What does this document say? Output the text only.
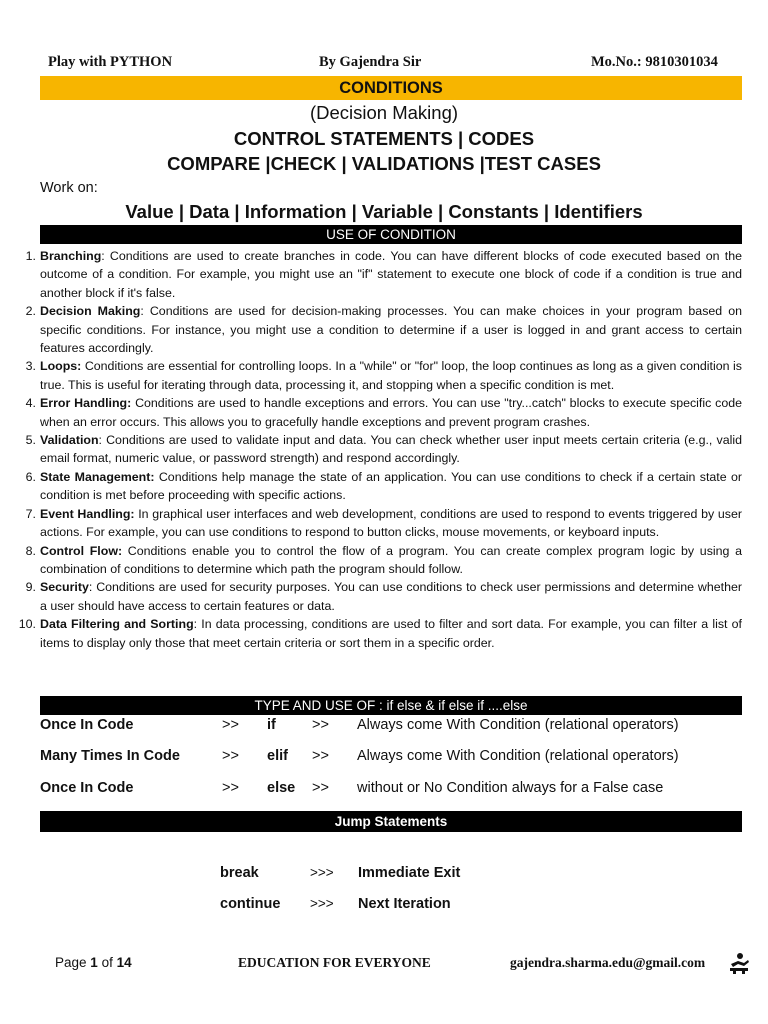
Play with PYTHON	By Gajendra Sir	Mo.No.: 9810301034
CONDITIONS
(Decision Making)
CONTROL STATEMENTS | CODES
COMPARE |CHECK | VALIDATIONS |TEST CASES
Work on:
Value | Data | Information | Variable | Constants | Identifiers
USE OF CONDITION
1. Branching: Conditions are used to create branches in code. You can have different blocks of code executed based on the outcome of a condition. For example, you might use an "if" statement to execute one block of code if a condition is true and another block if it's false.
2. Decision Making: Conditions are used for decision-making processes. You can make choices in your program based on specific conditions. For instance, you might use a condition to determine if a user is logged in and grant access to certain features accordingly.
3. Loops: Conditions are essential for controlling loops. In a "while" or "for" loop, the loop continues as long as a given condition is true. This is useful for iterating through data, processing it, and stopping when a specific condition is met.
4. Error Handling: Conditions are used to handle exceptions and errors. You can use "try...catch" blocks to execute specific code when an error occurs. This allows you to gracefully handle exceptions and prevent program crashes.
5. Validation: Conditions are used to validate input and data. You can check whether user input meets certain criteria (e.g., valid email format, numeric value, or password strength) and respond accordingly.
6. State Management: Conditions help manage the state of an application. You can use conditions to check if a certain state or condition is met before proceeding with specific actions.
7. Event Handling: In graphical user interfaces and web development, conditions are used to respond to events triggered by user actions. For example, you can use conditions to respond to button clicks, mouse movements, or keyboard inputs.
8. Control Flow: Conditions enable you to control the flow of a program. You can create complex program logic by using a combination of conditions to determine which path the program should follow.
9. Security: Conditions are used for security purposes. You can use conditions to check user permissions and determine whether a user should have access to certain features or data.
10. Data Filtering and Sorting: In data processing, conditions are used to filter and sort data. For example, you can filter a list of items to display only those that meet certain criteria or sort them in a specific order.
TYPE AND USE OF : if else & if else if ....else
Once In Code	>> if >> Always come With Condition (relational operators)
Many Times In Code	>> elif >> Always come With Condition (relational operators)
Once In Code	>> else >> without or No Condition always for a False case
Jump Statements
break	>>> Immediate Exit
continue >>> Next Iteration
Page 1 of 14	EDUCATION FOR EVERYONE	gajendra.sharma.edu@gmail.com
